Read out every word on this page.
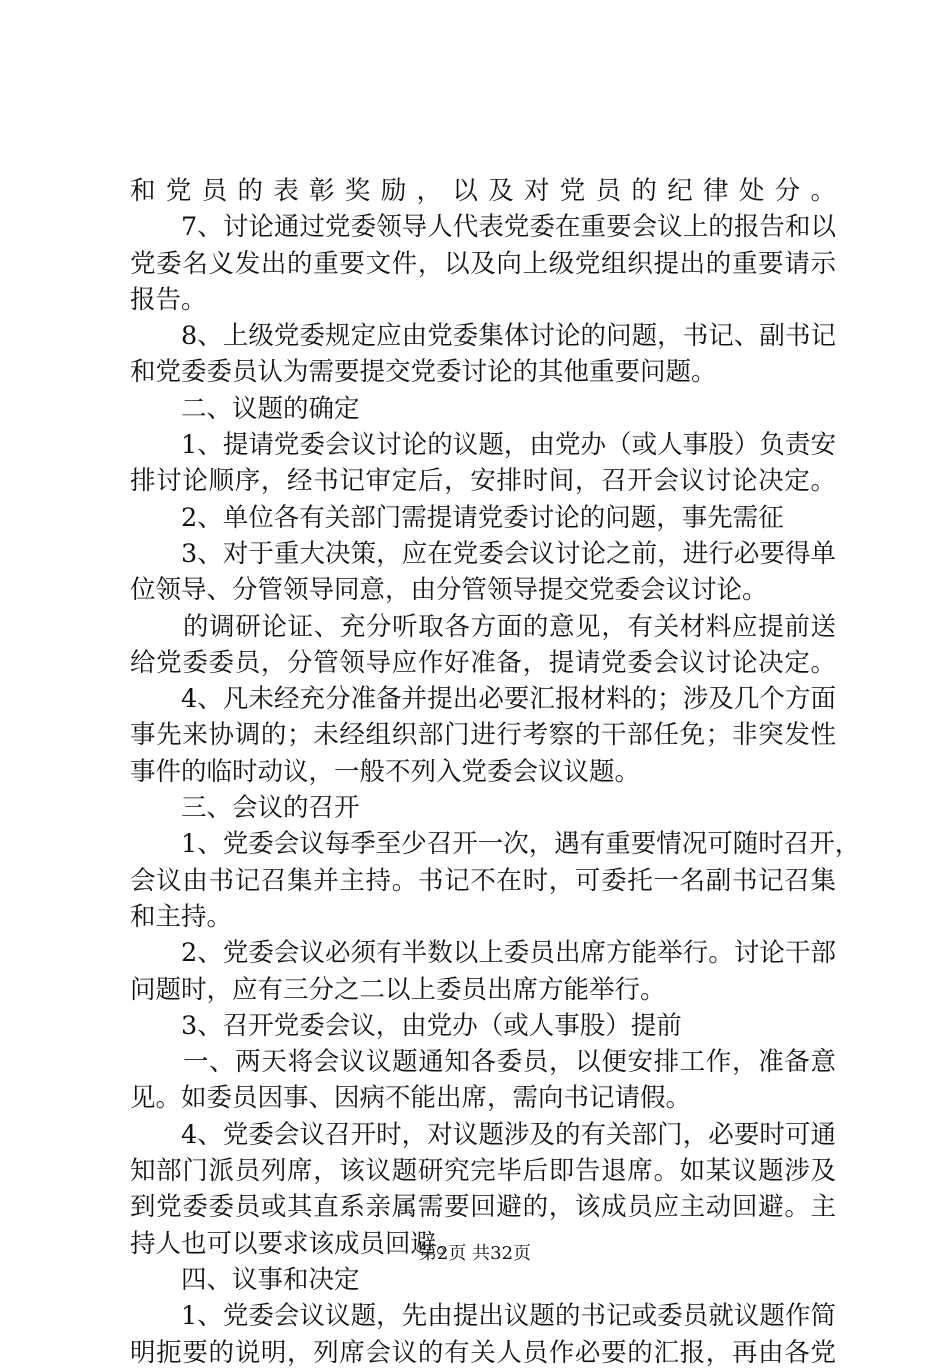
和党员的表彰奖励，以及对党员的纪律处分。
7、讨论通过党委领导人代表党委在重要会议上的报告和以
党委名义发出的重要文件，以及向上级党组织提出的重要请示
报告。
8、上级党委规定应由党委集体讨论的问题，书记、副书记
和党委委员认为需要提交党委讨论的其他重要问题。
二、议题的确定
1、提请党委会议讨论的议题，由党办（或人事股）负责安
排讨论顺序，经书记审定后，安排时间，召开会议讨论决定。
2、单位各有关部门需提请党委讨论的问题，事先需征
3、对于重大决策，应在党委会议讨论之前，进行必要得单
位领导、分管领导同意，由分管领导提交党委会议讨论。
的调研论证、充分听取各方面的意见，有关材料应提前送
给党委委员，分管领导应作好准备，提请党委会议讨论决定。
4、凡未经充分准备并提出必要汇报材料的；涉及几个方面
事先来协调的；未经组织部门进行考察的干部任免；非突发性
事件的临时动议，一般不列入党委会议议题。
三、会议的召开
1、党委会议每季至少召开一次，遇有重要情况可随时召开，
会议由书记召集并主持。书记不在时，可委托一名副书记召集
和主持。
2、党委会议必须有半数以上委员出席方能举行。讨论干部
问题时，应有三分之二以上委员出席方能举行。
3、召开党委会议，由党办（或人事股）提前
一、两天将会议议题通知各委员，以便安排工作，准备意
见。如委员因事、因病不能出席，需向书记请假。
4、党委会议召开时，对议题涉及的有关部门，必要时可通
知部门派员列席，该议题研究完毕后即告退席。如某议题涉及
到党委委员或其直系亲属需要回避的，该成员应主动回避。主
持人也可以要求该成员回避。
四、议事和决定
1、党委会议议题，先由提出议题的书记或委员就议题作简
明扼要的说明，列席会议的有关人员作必要的汇报，再由各党
第2页 共32页
